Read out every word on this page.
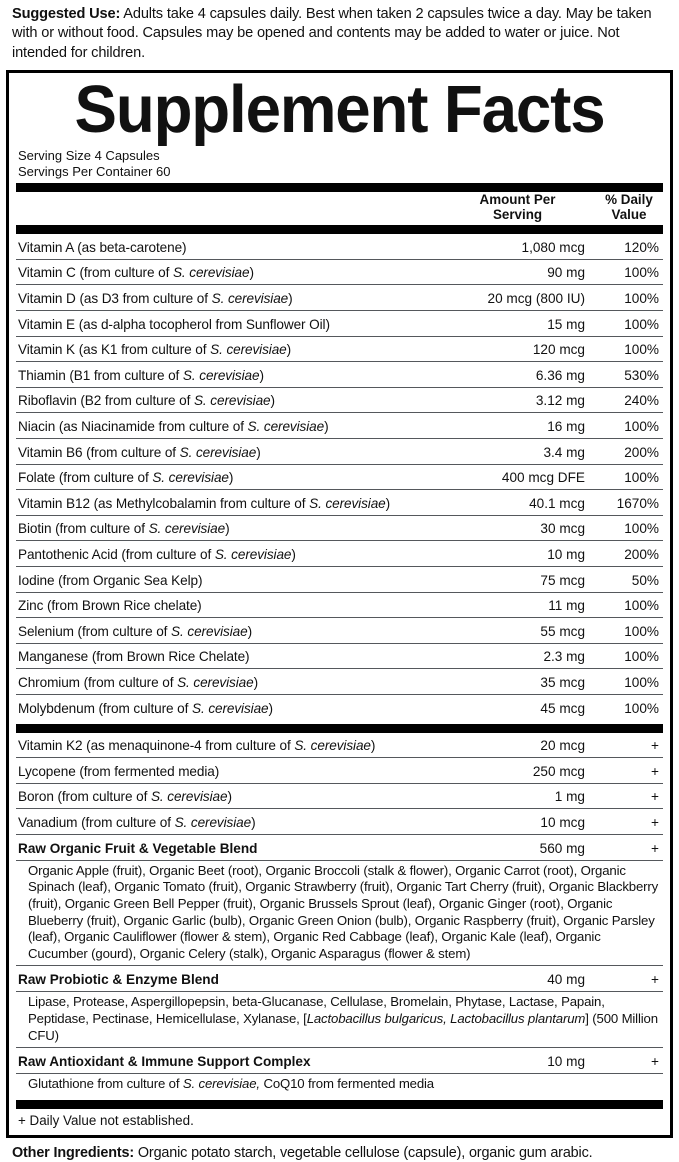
Suggested Use: Adults take 4 capsules daily. Best when taken 2 capsules twice a day. May be taken with or without food. Capsules may be opened and contents may be added to water or juice. Not intended for children.
Supplement Facts
Serving Size 4 Capsules
Servings Per Container 60
	Amount Per
Serving
	% Daily
Value
Vitamin A (as beta-carotene)	1,080 mcg	120%
Vitamin C (from culture of S. cerevisiae)	90 mg	100%
Vitamin D (as D3 from culture of S. cerevisiae)	20 mcg (800 IU)	100%
Vitamin E (as d-alpha tocopherol from Sunflower Oil)	15 mg	100%
Vitamin K (as K1 from culture of S. cerevisiae)	120 mcg	100%
Thiamin (B1 from culture of S. cerevisiae)	6.36 mg	530%
Riboflavin (B2 from culture of S. cerevisiae)	3.12 mg	240%
Niacin (as Niacinamide from culture of S. cerevisiae)	16 mg	100%
Vitamin B6 (from culture of S. cerevisiae)	3.4 mg	200%
Folate (from culture of S. cerevisiae)	400 mcg DFE	100%
Vitamin B12 (as Methylcobalamin from culture of S. cerevisiae)	40.1 mcg	1670%
Biotin (from culture of S. cerevisiae)	30 mcg	100%
Pantothenic Acid (from culture of S. cerevisiae)	10 mg	200%
Iodine (from Organic Sea Kelp)	75 mcg	50%
Zinc (from Brown Rice chelate)	11 mg	100%
Selenium (from culture of S. cerevisiae)	55 mcg	100%
Manganese (from Brown Rice Chelate)	2.3 mg	100%
Chromium (from culture of S. cerevisiae)	35 mcg	100%
Molybdenum (from culture of S. cerevisiae)	45 mcg	100%
Vitamin K2 (as menaquinone-4 from culture of S. cerevisiae)	20 mcg	+
Lycopene (from fermented media)	250 mcg	+
Boron (from culture of S. cerevisiae)	1 mg	+
Vanadium (from culture of S. cerevisiae)	10 mcg	+
Raw Organic Fruit & Vegetable Blend	560 mg	+
Organic Apple (fruit), Organic Beet (root), Organic Broccoli (stalk & flower), Organic Carrot (root), Organic Spinach (leaf), Organic Tomato (fruit), Organic Strawberry (fruit), Organic Tart Cherry (fruit), Organic Blackberry (fruit), Organic Green Bell Pepper (fruit), Organic Brussels Sprout (leaf), Organic Ginger (root), Organic Blueberry (fruit), Organic Garlic (bulb), Organic Green Onion (bulb), Organic Raspberry (fruit), Organic Parsley (leaf), Organic Cauliflower (flower & stem), Organic Red Cabbage (leaf), Organic Kale (leaf), Organic Cucumber (gourd), Organic Celery (stalk), Organic Asparagus (flower & stem)		
Raw Probiotic & Enzyme Blend	40 mg	+
Lipase, Protease, Aspergillopepsin, beta-Glucanase, Cellulase, Bromelain, Phytase, Lactase, Papain, Peptidase, Pectinase, Hemicellulase, Xylanase, [Lactobacillus bulgaricus, Lactobacillus plantarum] (500 Million CFU)		
Raw Antioxidant & Immune Support Complex	10 mg	+
Glutathione from culture of S. cerevisiae, CoQ10 from fermented media		
+ Daily Value not established.
Other Ingredients: Organic potato starch, vegetable cellulose (capsule), organic gum arabic.
